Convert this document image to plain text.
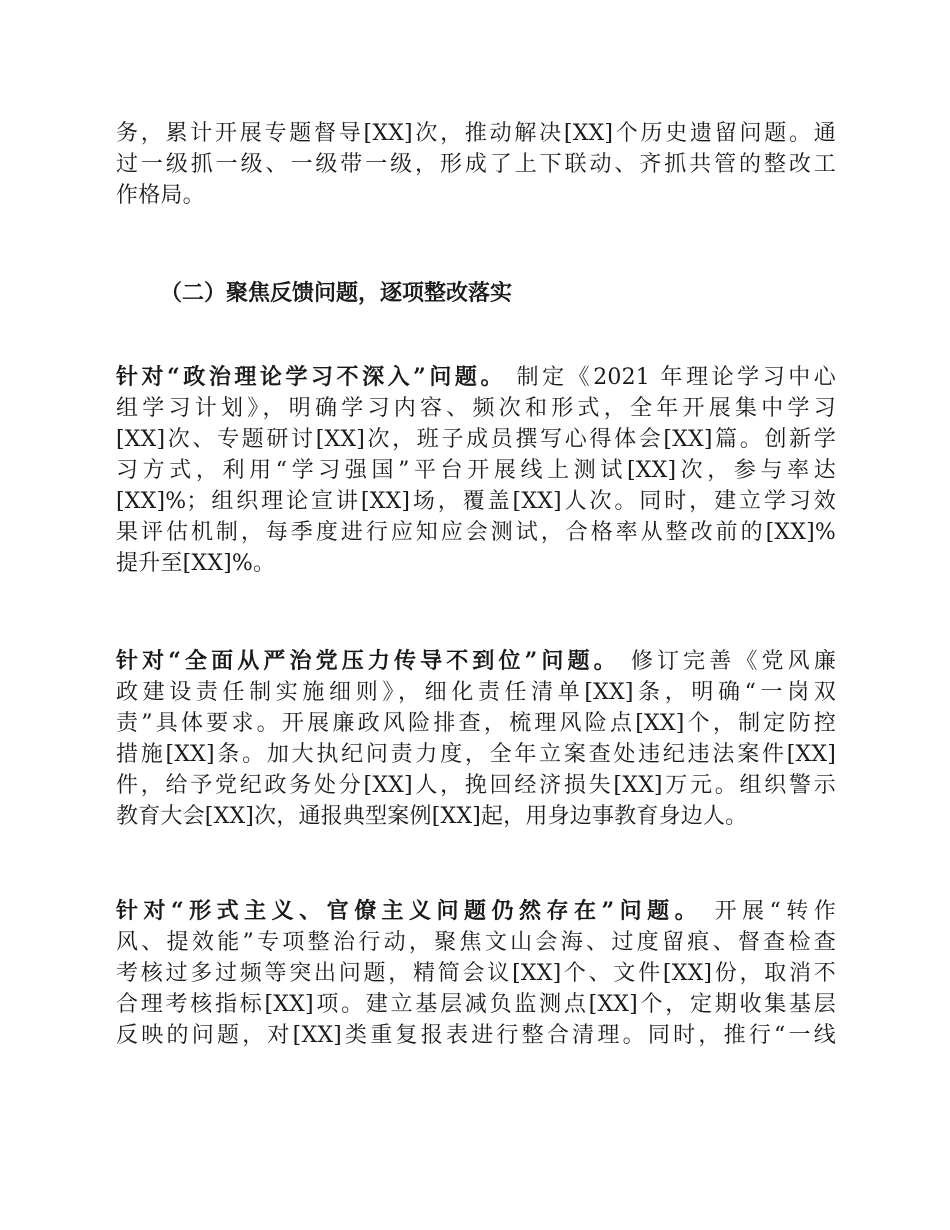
务，累计开展专题督导[XX]次，推动解决[XX]个历史遗留问题。通
过一级抓一级、一级带一级，形成了上下联动、齐抓共管的整改工
作格局。
（二）聚焦反馈问题，逐项整改落实
针对“政治理论学习不深入”问题。 制定《2021 年理论学习中心
组学习计划》，明确学习内容、频次和形式，全年开展集中学习
[XX]次、专题研讨[XX]次，班子成员撰写心得体会[XX]篇。创新学
习方式，利用“学习强国”平台开展线上测试[XX]次，参与率达
[XX]%；组织理论宣讲[XX]场，覆盖[XX]人次。同时，建立学习效
果评估机制，每季度进行应知应会测试，合格率从整改前的[XX]%
提升至[XX]%。
针对“全面从严治党压力传导不到位”问题。 修订完善《党风廉
政建设责任制实施细则》，细化责任清单[XX]条，明确“一岗双
责”具体要求。开展廉政风险排查，梳理风险点[XX]个，制定防控
措施[XX]条。加大执纪问责力度，全年立案查处违纪违法案件[XX]
件，给予党纪政务处分[XX]人，挽回经济损失[XX]万元。组织警示
教育大会[XX]次，通报典型案例[XX]起，用身边事教育身边人。
针对“形式主义、官僚主义问题仍然存在”问题。 开展“转作
风、提效能”专项整治行动，聚焦文山会海、过度留痕、督查检查
考核过多过频等突出问题，精简会议[XX]个、文件[XX]份，取消不
合理考核指标[XX]项。建立基层减负监测点[XX]个，定期收集基层
反映的问题，对[XX]类重复报表进行整合清理。同时，推行“一线
